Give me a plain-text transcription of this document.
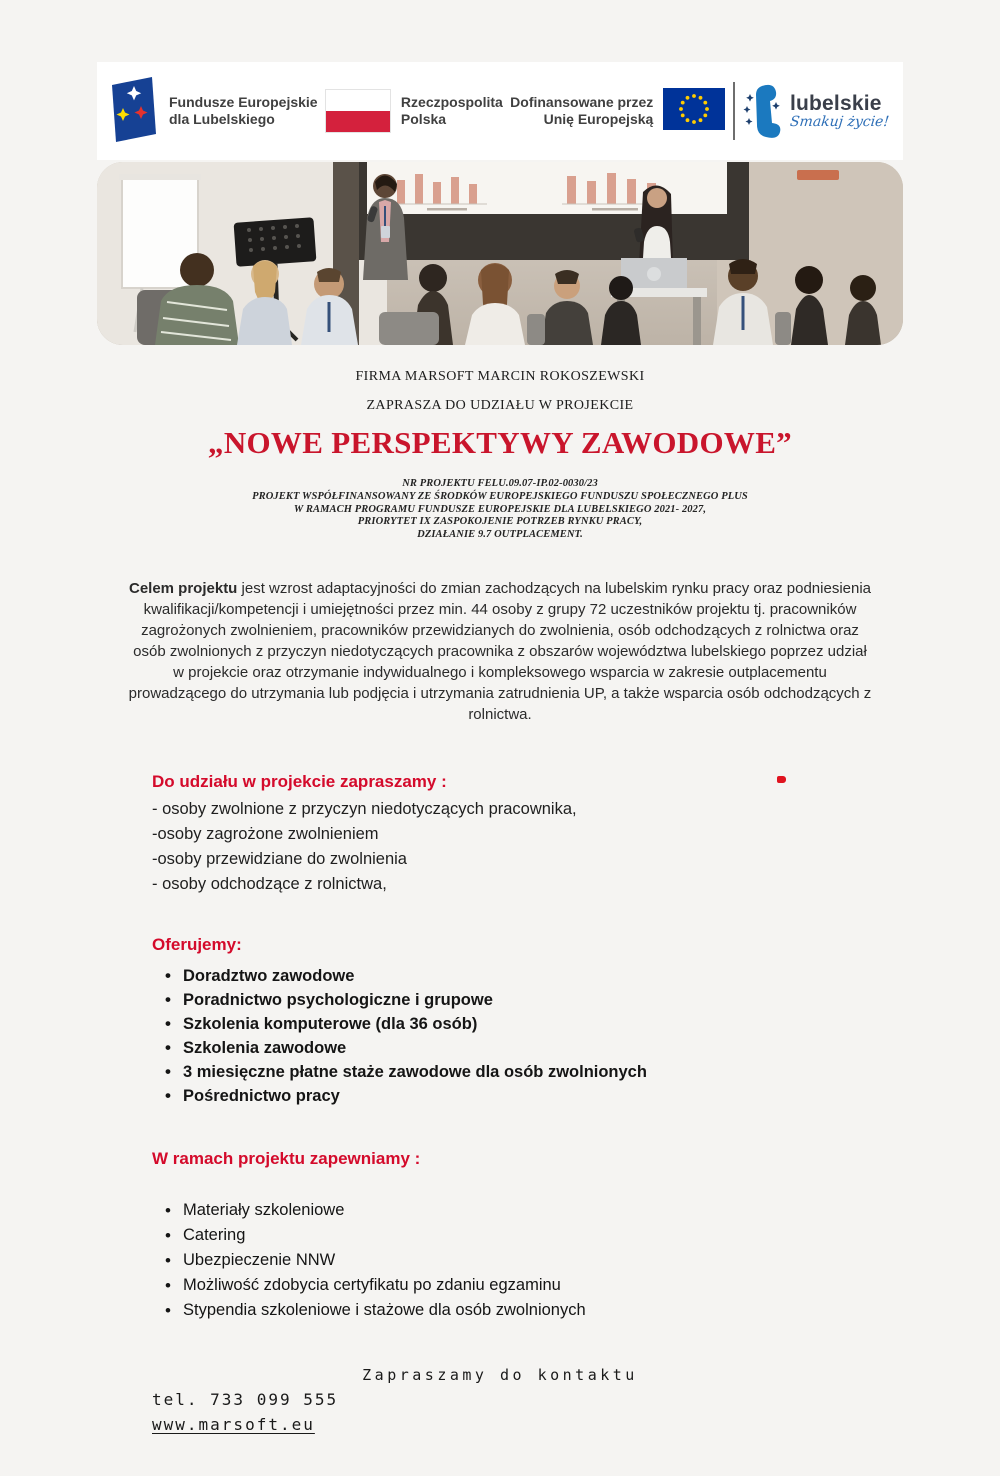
Fundusze Europejskie
dla Lubelskiego
Rzeczpospolita
Polska
Dofinansowane przez
Unię Europejską
lubelskie
Smakuj życie!
FIRMA MARSOFT MARCIN ROKOSZEWSKI
ZAPRASZA DO UDZIAŁU W PROJEKCIE
„NOWE PERSPEKTYWY ZAWODOWE”
NR PROJEKTU FELU.09.07-IP.02-0030/23
PROJEKT WSPÓŁFINANSOWANY ZE ŚRODKÓW EUROPEJSKIEGO FUNDUSZU SPOŁECZNEGO PLUS
W RAMACH PROGRAMU FUNDUSZE EUROPEJSKIE DLA LUBELSKIEGO 2021- 2027,
PRIORYTET IX ZASPOKOJENIE POTRZEB RYNKU PRACY,
DZIAŁANIE 9.7 OUTPLACEMENT.

Celem projektu jest wzrost adaptacyjności do zmian zachodzących na lubelskim rynku pracy oraz podniesienia kwalifikacji/kompetencji i umiejętności przez min. 44 osoby z grupy 72 uczestników projektu tj. pracowników zagrożonych zwolnieniem, pracowników przewidzianych do zwolnienia, osób odchodzących z rolnictwa oraz osób zwolnionych z przyczyn niedotyczących pracownika z obszarów województwa lubelskiego poprzez udział w projekcie oraz otrzymanie indywidualnego i kompleksowego wsparcia w zakresie outplacementu prowadzącego do utrzymania lub podjęcia i utrzymania zatrudnienia UP, a także wsparcia osób odchodzących z rolnictwa.

Do udziału w projekcie zapraszamy :
- osoby zwolnione z przyczyn niedotyczących pracownika,
-osoby zagrożone zwolnieniem
-osoby przewidziane do zwolnienia
- osoby odchodzące z rolnictwa,
Oferujemy:
• Doradztwo zawodowe
• Poradnictwo psychologiczne i grupowe
• Szkolenia komputerowe (dla 36 osób)
• Szkolenia zawodowe
• 3 miesięczne płatne staże zawodowe dla osób zwolnionych
• Pośrednictwo pracy
W ramach projektu zapewniamy :
• Materiały szkoleniowe
• Catering
• Ubezpieczenie NNW
• Możliwość zdobycia certyfikatu po zdaniu egzaminu
• Stypendia szkoleniowe i stażowe dla osób zwolnionych
Zapraszamy do kontaktu
tel. 733 099 555
www.marsoft.eu
